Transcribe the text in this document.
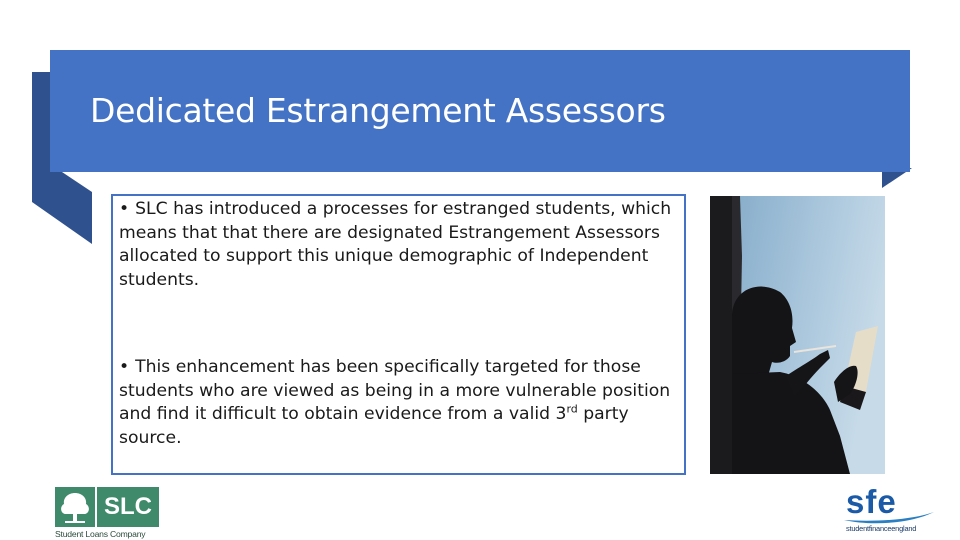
Dedicated Estrangement Assessors

• SLC has introduced a processes for estranged students, which means that that there are designated Estrangement Assessors allocated to support this unique demographic of Independent students.

• This enhancement has been specifically targeted for those students who are viewed as being in a more vulnerable position and find it difficult to obtain evidence from a valid 3rd party source.

SLC
Student Loans Company
sfe
studentfinanceengland
